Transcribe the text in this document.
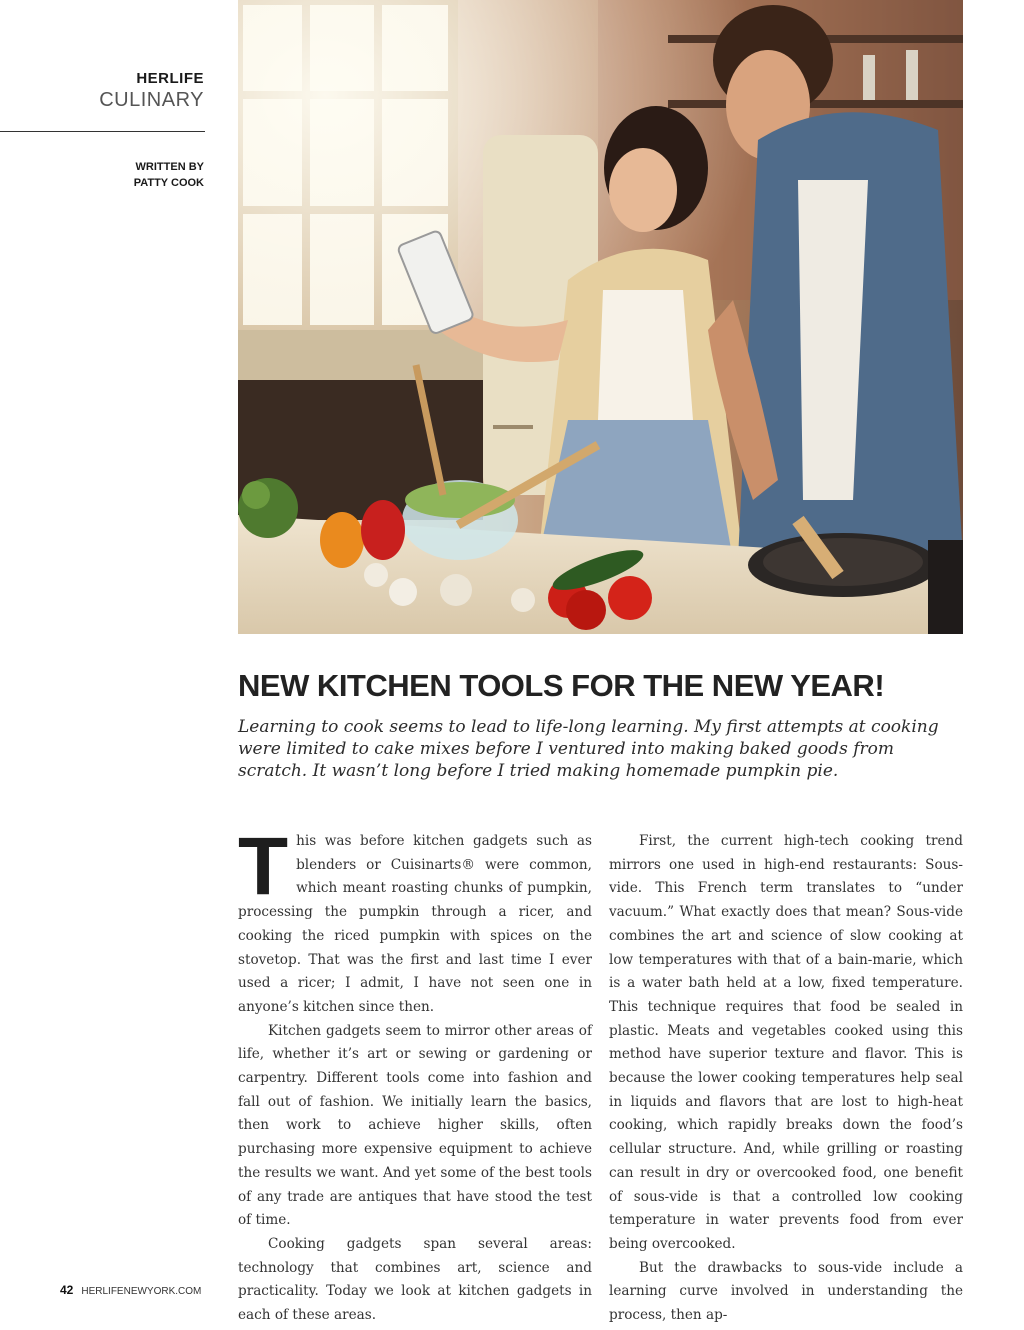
HERLIFE
CULINARY
WRITTEN BY
PATTY COOK
NEW KITCHEN TOOLS FOR THE NEW YEAR!

Learning to cook seems to lead to life-long learning. My first attempts at cooking were limited to cake mixes before I ventured into making baked goods from scratch. It wasn’t long before I tried making homemade pumpkin pie.

This was before kitchen gadgets such as blenders or Cuisinarts® were common, which meant roasting chunks of pumpkin, processing the pumpkin through a ricer, and cooking the riced pumpkin with spices on the stovetop. That was the first and last time I ever used a ricer; I admit, I have not seen one in anyone’s kitchen since then.

Kitchen gadgets seem to mirror other areas of life, whether it’s art or sewing or gardening or carpentry. Different tools come into fashion and fall out of fashion. We initially learn the basics, then work to achieve higher skills, often purchasing more expensive equipment to achieve the results we want. And yet some of the best tools of any trade are antiques that have stood the test of time.

Cooking gadgets span several areas: technology that combines art, science and practicality. Today we look at kitchen gadgets in each of these areas.

First, the current high-tech cooking trend mirrors one used in high-end restaurants: Sous-vide. This French term translates to “under vacuum.” What exactly does that mean? Sous-vide combines the art and science of slow cooking at low temperatures with that of a bain-marie, which is a water bath held at a low, fixed temperature. This technique requires that food be sealed in plastic. Meats and vegetables cooked using this method have superior texture and flavor. This is because the lower cooking temperatures help seal in liquids and flavors that are lost to high-heat cooking, which rapidly breaks down the food’s cellular structure. And, while grilling or roasting can result in dry or overcooked food, one benefit of sous-vide is that a controlled low cooking temperature in water prevents food from ever being overcooked.

But the drawbacks to sous-vide include a learning curve involved in understanding the process, then ap-

42 HERLIFENEWYORK.COM
